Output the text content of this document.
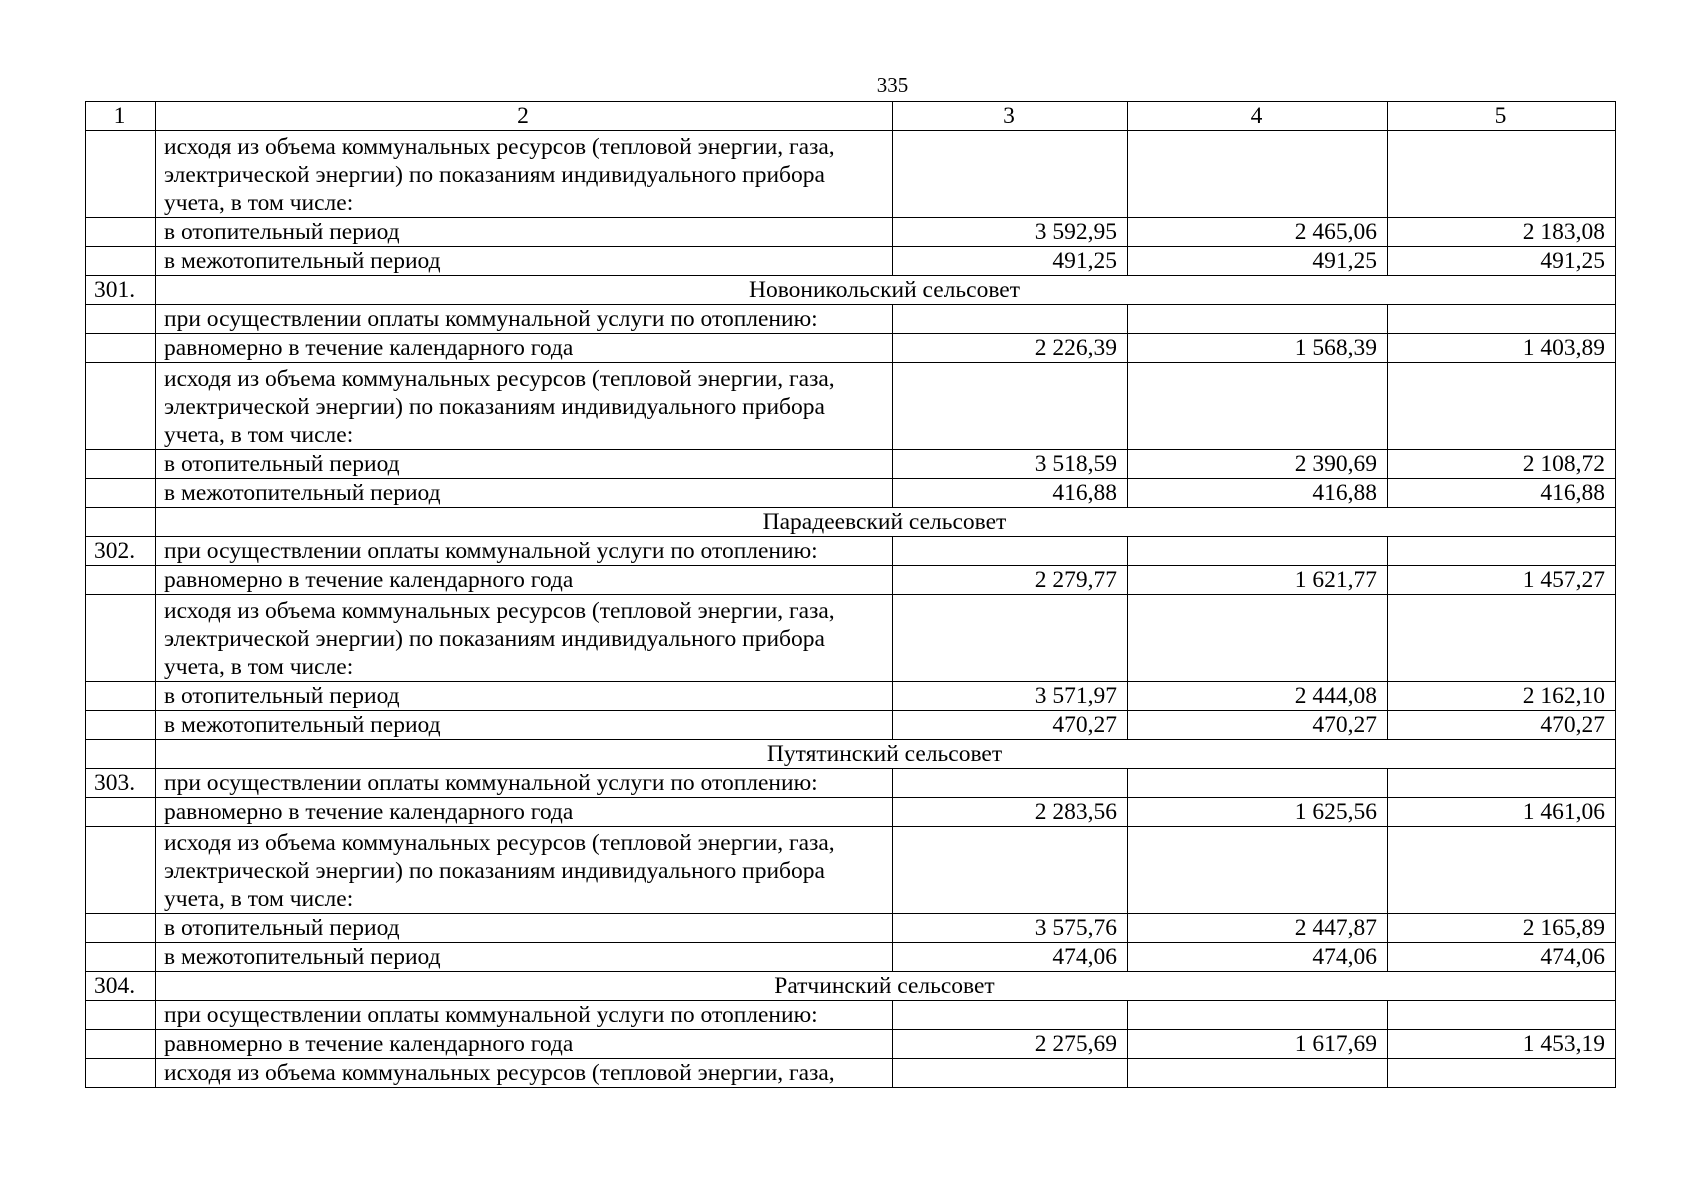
335
1	2	3	4	5
	исходя из объема коммунальных ресурсов (тепловой энергии, газа, электрической энергии) по показаниям индивидуального прибора учета, в том числе:			
	в отопительный период	3 592,95	2 465,06	2 183,08
	в межотопительный период	491,25	491,25	491,25
301.	Новоникольский сельсовет			
	при осуществлении оплаты коммунальной услуги по отоплению:			
	равномерно в течение календарного года	2 226,39	1 568,39	1 403,89
	исходя из объема коммунальных ресурсов (тепловой энергии, газа, электрической энергии) по показаниям индивидуального прибора учета, в том числе:			
	в отопительный период	3 518,59	2 390,69	2 108,72
	в межотопительный период	416,88	416,88	416,88
	Парадеевский сельсовет			
302.	при осуществлении оплаты коммунальной услуги по отоплению:			
	равномерно в течение календарного года	2 279,77	1 621,77	1 457,27
	исходя из объема коммунальных ресурсов (тепловой энергии, газа, электрической энергии) по показаниям индивидуального прибора учета, в том числе:			
	в отопительный период	3 571,97	2 444,08	2 162,10
	в межотопительный период	470,27	470,27	470,27
	Путятинский сельсовет			
303.	при осуществлении оплаты коммунальной услуги по отоплению:			
	равномерно в течение календарного года	2 283,56	1 625,56	1 461,06
	исходя из объема коммунальных ресурсов (тепловой энергии, газа, электрической энергии) по показаниям индивидуального прибора учета, в том числе:			
	в отопительный период	3 575,76	2 447,87	2 165,89
	в межотопительный период	474,06	474,06	474,06
304.	Ратчинский сельсовет			
	при осуществлении оплаты коммунальной услуги по отоплению:			
	равномерно в течение календарного года	2 275,69	1 617,69	1 453,19
	исходя из объема коммунальных ресурсов (тепловой энергии, газа,			
